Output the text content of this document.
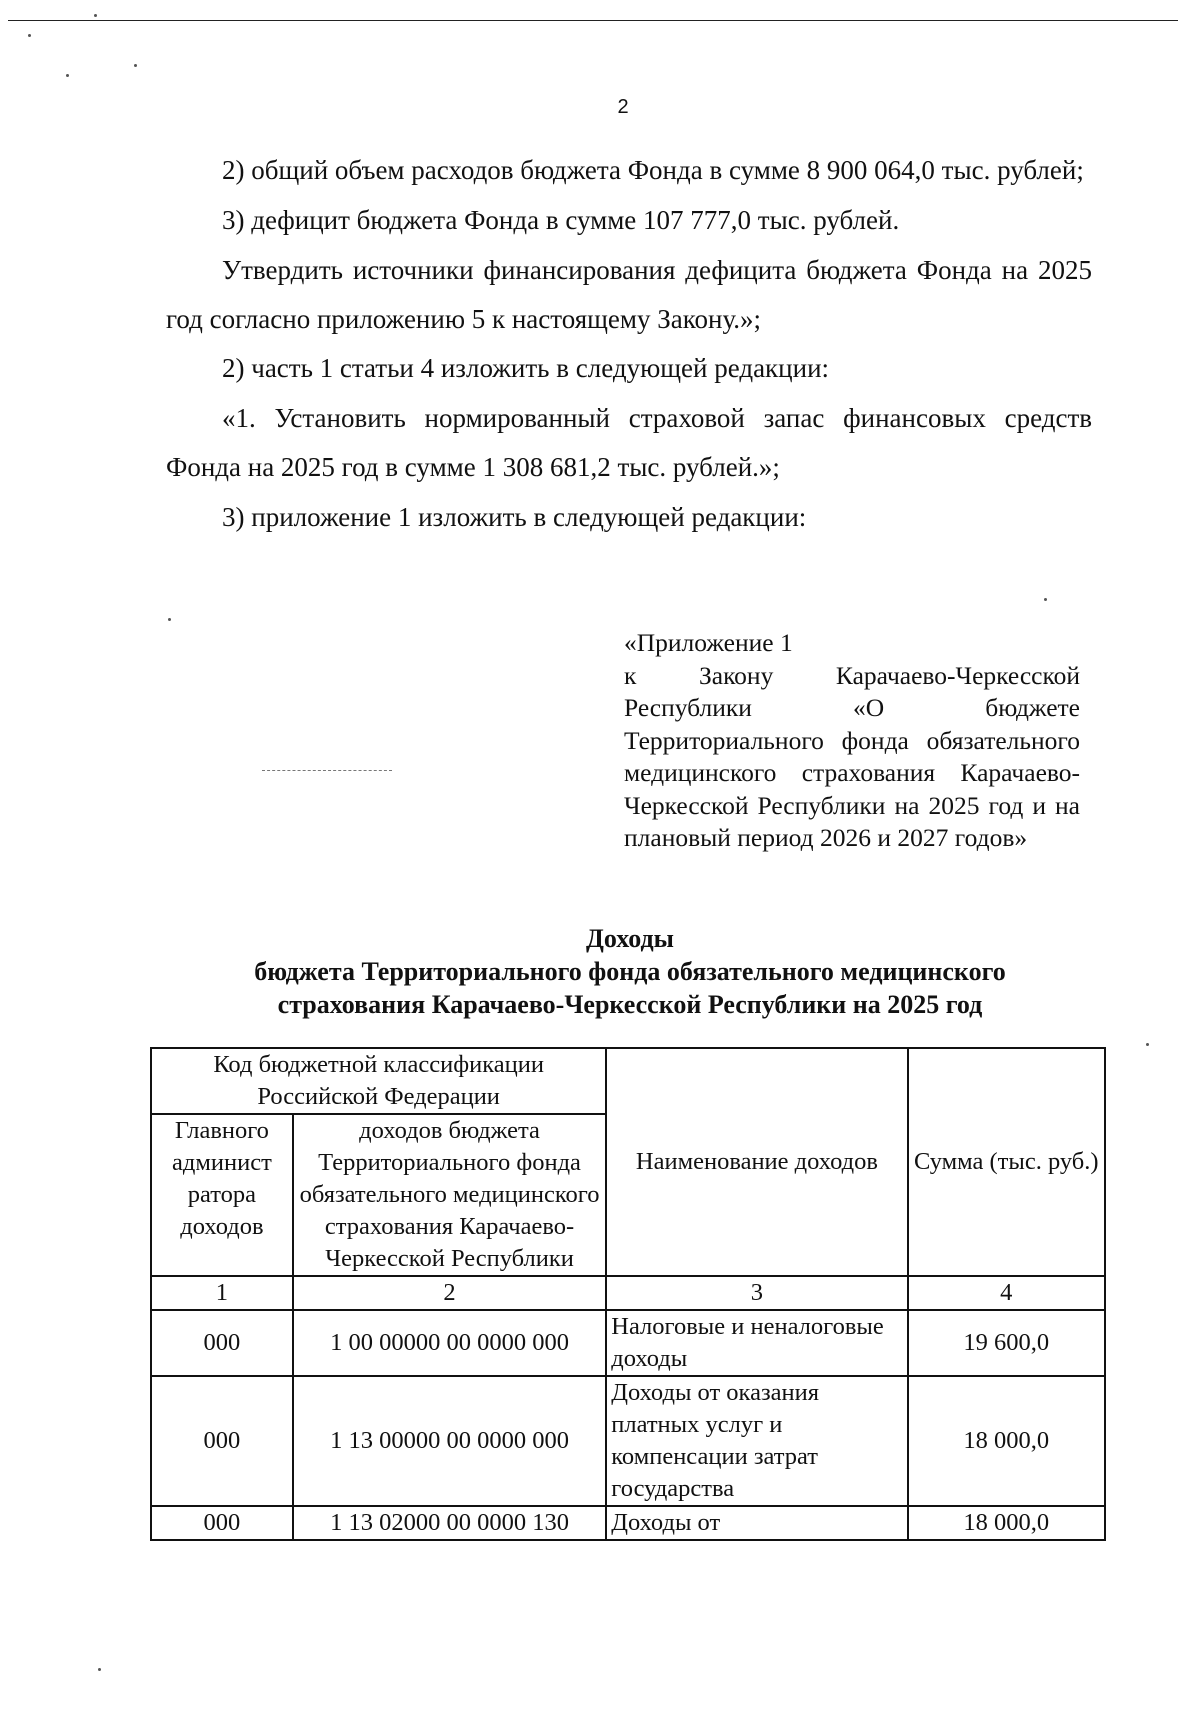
2

2) общий объем расходов бюджета Фонда в сумме 8 900 064,0 тыс. рублей;

3) дефицит бюджета Фонда в сумме 107 777,0 тыс. рублей.

Утвердить источники финансирования дефицита бюджета Фонда на 2025 год согласно приложению 5 к настоящему Закону.»;

2) часть 1 статьи 4 изложить в следующей редакции:

«1. Установить нормированный страховой запас финансовых средств Фонда на 2025 год в сумме 1 308 681,2 тыс. рублей.»;

3) приложение 1 изложить в следующей редакции:

«Приложение 1
к Закону Карачаево-Черкесской Республики «О бюджете Территориального фонда обязательного медицинского страхования Карачаево-Черкесской Республики на 2025 год и на плановый период 2026 и 2027 годов»
Доходы
бюджета Территориального фонда обязательного медицинского
страхования Карачаево-Черкесской Республики на 2025 год
Код бюджетной классификации Российской Федерации		Наименование доходов	Сумма (тыс. руб.)
Главного админист ратора доходов	доходов бюджета Территориального фонда обязательного медицинского страхования Карачаево-Черкесской Республики		
1	2	3	4
000	1 00 00000 00 0000 000	Налоговые и неналоговые доходы	19 600,0
000	1 13 00000 00 0000 000	Доходы от оказания платных услуг и компенсации затрат государства	18 000,0
000	1 13 02000 00 0000 130	Доходы от	18 000,0
